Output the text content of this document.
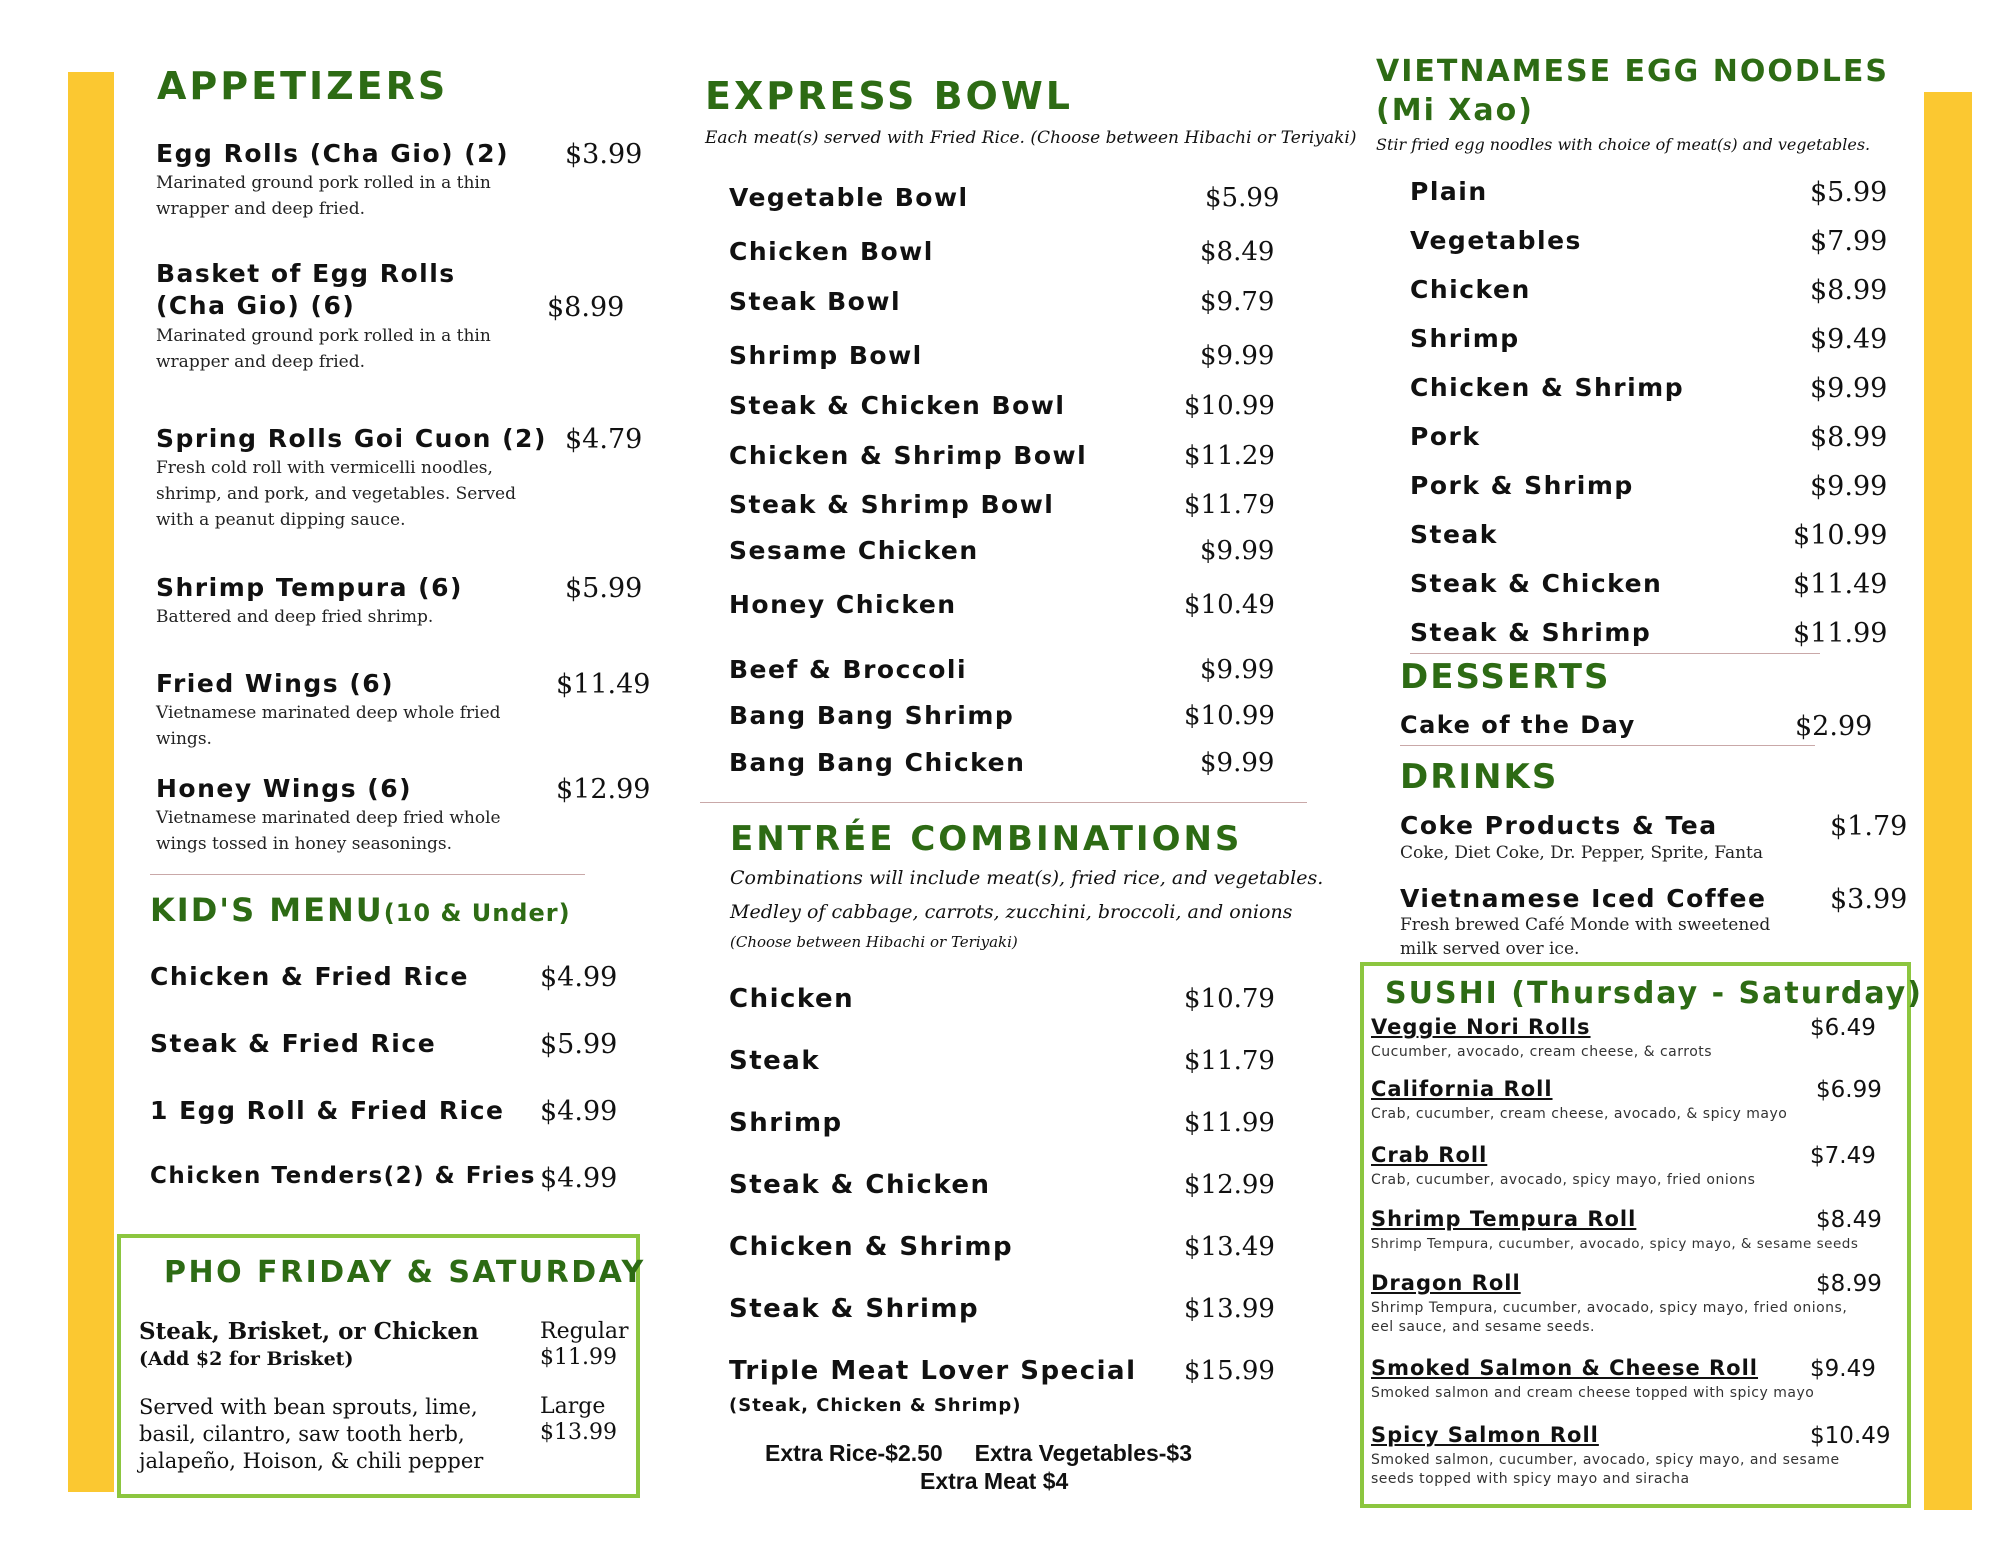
APPETIZERS
Egg Rolls (Cha Gio) (2) $3.99
Marinated ground pork rolled in a thin wrapper and deep fried.
Basket of Egg Rolls
(Cha Gio) (6)	$8.99
Marinated ground pork rolled in a thin wrapper and deep fried.
Spring Rolls Goi Cuon (2) $4.79
Fresh cold roll with vermicelli noodles, shrimp, and pork, and vegetables. Served with a peanut dipping sauce.
Shrimp Tempura (6)	$5.99
Battered and deep fried shrimp.
Fried Wings (6)	$11.49
Vietnamese marinated deep whole fried wings.
Honey Wings (6)	$12.99
Vietnamese marinated deep fried whole wings tossed in honey seasonings.
KID'S MENU(10 & Under)
Chicken & Fried Rice	$4.99
Steak & Fried Rice	$5.99
1 Egg Roll & Fried Rice $4.99
Chicken Tenders(2) & Fries $4.99
PHO FRIDAY & SATURDAY
Steak, Brisket, or Chicken
(Add $2 for Brisket)
Regular
$11.99
Served with bean sprouts, lime, basil, cilantro, saw tooth herb, jalapeño, Hoison, & chili pepper
Large
$13.99
EXPRESS BOWL
Each meat(s) served with Fried Rice. (Choose between Hibachi or Teriyaki)
Vegetable Bowl	$5.99
Chicken Bowl	$8.49
Steak Bowl	$9.79
Shrimp Bowl	$9.99
Steak & Chicken Bowl	$10.99
Chicken & Shrimp Bowl	$11.29
Steak & Shrimp Bowl	$11.79
Sesame Chicken	$9.99
Honey Chicken	$10.49
Beef & Broccoli	$9.99
Bang Bang Shrimp	$10.99
Bang Bang Chicken	$9.99
ENTRÉE COMBINATIONS
Combinations will include meat(s), fried rice, and vegetables.
Medley of cabbage, carrots, zucchini, broccoli, and onions
(Choose between Hibachi or Teriyaki)
Chicken	$10.79
Steak	$11.79
Shrimp	$11.99
Steak & Chicken	$12.99
Chicken & Shrimp	$13.49
Steak & Shrimp	$13.99
Triple Meat Lover Special $15.99
(Steak, Chicken & Shrimp)
Extra Rice-$2.50     Extra Vegetables-$3
Extra Meat $4
VIETNAMESE EGG NOODLES
(Mi Xao)
Stir fried egg noodles with choice of meat(s) and vegetables.
Plain	$5.99
Vegetables	$7.99
Chicken	$8.99
Shrimp	$9.49
Chicken & Shrimp	$9.99
Pork	$8.99
Pork & Shrimp	$9.99
Steak	$10.99
Steak & Chicken	$11.49
Steak & Shrimp	$11.99
DESSERTS
Cake of the Day	$2.99
DRINKS
Coke Products & Tea	$1.79
Coke, Diet Coke, Dr. Pepper, Sprite, Fanta
Vietnamese Iced Coffee $3.99
Fresh brewed Café Monde with sweetened milk served over ice.
SUSHI (Thursday - Saturday)
Veggie Nori Rolls	$6.49
Cucumber, avocado, cream cheese, & carrots
California Roll	$6.99
Crab, cucumber, cream cheese, avocado, & spicy mayo
Crab Roll	$7.49
Crab, cucumber, avocado, spicy mayo, fried onions
Shrimp Tempura Roll	$8.49
Shrimp Tempura, cucumber, avocado, spicy mayo, & sesame seeds
Dragon Roll	$8.99
Shrimp Tempura, cucumber, avocado, spicy mayo, fried onions, eel sauce, and sesame seeds.
Smoked Salmon & Cheese Roll $9.49
Smoked salmon and cream cheese topped with spicy mayo
Spicy Salmon Roll	$10.49
Smoked salmon, cucumber, avocado, spicy mayo, and sesame seeds topped with spicy mayo and siracha
